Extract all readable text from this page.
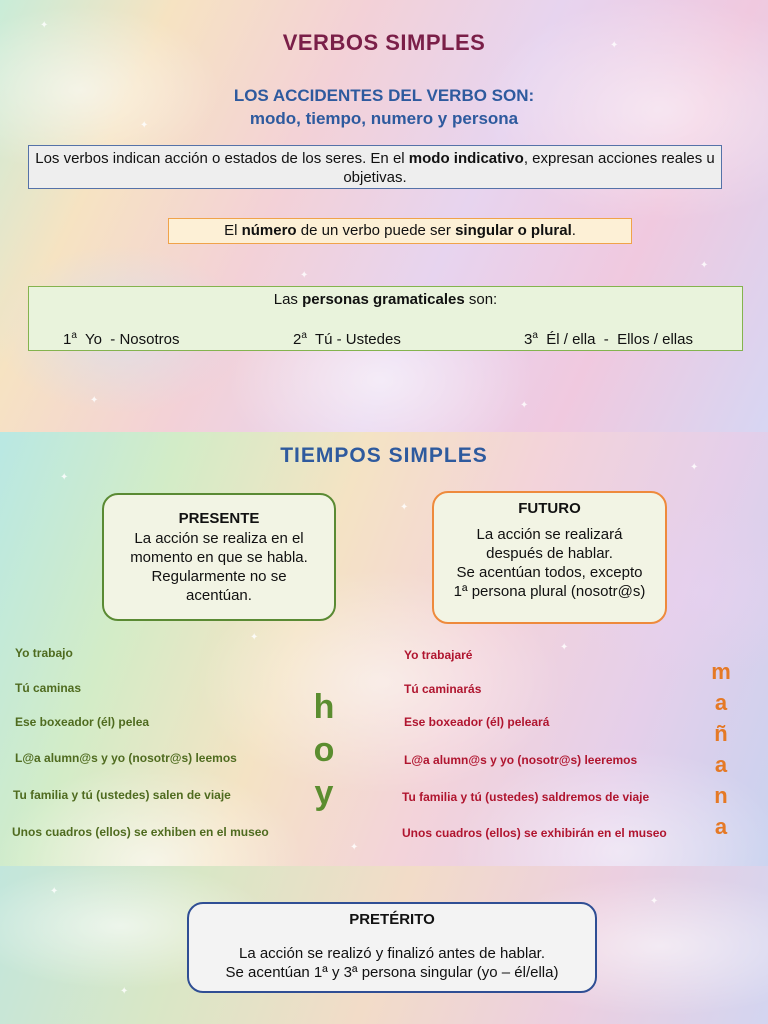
✦
✦
✦
✦
✦	✦
✦
VERBOS SIMPLES
LOS ACCIDENTES DEL VERBO SON:
modo, tiempo, numero y persona
Los verbos indican acción o estados de los seres. En el modo indicativo, expresan acciones reales u objetivas.
El número de un verbo puede ser singular o plural.
Las personas gramaticales son:
1$^a$  Yo  - Nosotros	2$^a$  Tú - Ustedes	3$^a$  Él / ella  -  Ellos / ellas
✦
✦
✦
✦
✦
✦
TIEMPOS SIMPLES
PRESENTE
La acción se realiza en el
momento en que se habla.
Regularmente no se
acentúan.
FUTURO
La acción se realizará
después de hablar.
Se acentúan todos, excepto
1ª persona plural (nosotr@s)
Yo trabajo
Tú caminas
Ese boxeador (él) pelea
L@a alumn@s y yo (nosotr@s) leemos
Tu familia y tú (ustedes) salen de viaje
Unos cuadros (ellos) se exhiben en el museo
Yo trabajaré
Tú caminarás
Ese boxeador (él) peleará
L@a alumn@s y yo (nosotr@s) leeremos
Tu familia y tú (ustedes) saldremos de viaje
Unos cuadros (ellos) se exhibirán en el museo
h
o
y
m
a
ñ
a
n
a
✦
✦
✦
PRETÉRITO
La acción se realizó y finalizó antes de hablar.
Se acentúan 1ª y 3ª persona singular (yo – él/ella)
